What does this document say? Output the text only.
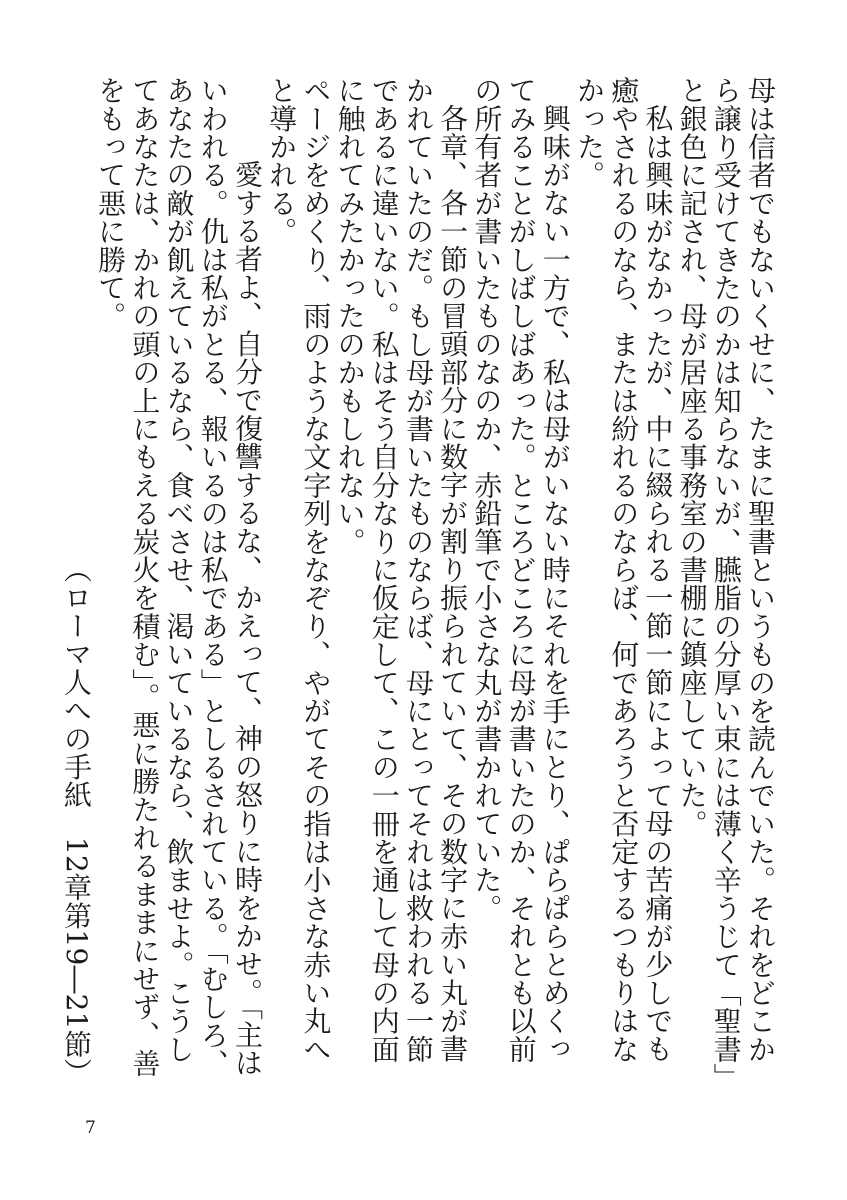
母は信者でもないくせに、たまに聖書というものを読んでいた。それをどこから譲り受けてきたのかは知らないが、臙脂の分厚い束には薄く辛うじて「聖書」と銀色に記され、母が居座る事務室の書棚に鎮座していた。

私は興味がなかったが、中に綴られる一節一節によって母の苦痛が少しでも癒やされるのなら、または紛れるのならば、何であろうと否定するつもりはなかった。

興味がない一方で、私は母がいない時にそれを手にとり、ぱらぱらとめくってみることがしばしばあった。ところどころに母が書いたのか、それとも以前の所有者が書いたものなのか、赤鉛筆で小さな丸が書かれていた。

各章、各一節の冒頭部分に数字が割り振られていて、その数字に赤い丸が書かれていたのだ。もし母が書いたものならば、母にとってそれは救われる一節であるに違いない。私はそう自分なりに仮定して、この一冊を通して母の内面に触れてみたかったのかもしれない。

ページをめくり、雨のような文字列をなぞり、やがてその指は小さな赤い丸へと導かれる。

愛する者よ、自分で復讐するな、かえって、神の怒りに時をかせ。「主はいわれる。仇は私がとる、報いるのは私である」としるされている。「むしろ、あなたの敵が飢えているなら、食べさせ、渇いているなら、飲ませよ。こうしてあなたは、かれの頭の上にもえる炭火を積む」。悪に勝たれるままにせず、善をもって悪に勝て。

（ローマ人への手紙　12章第19―21節）

7
